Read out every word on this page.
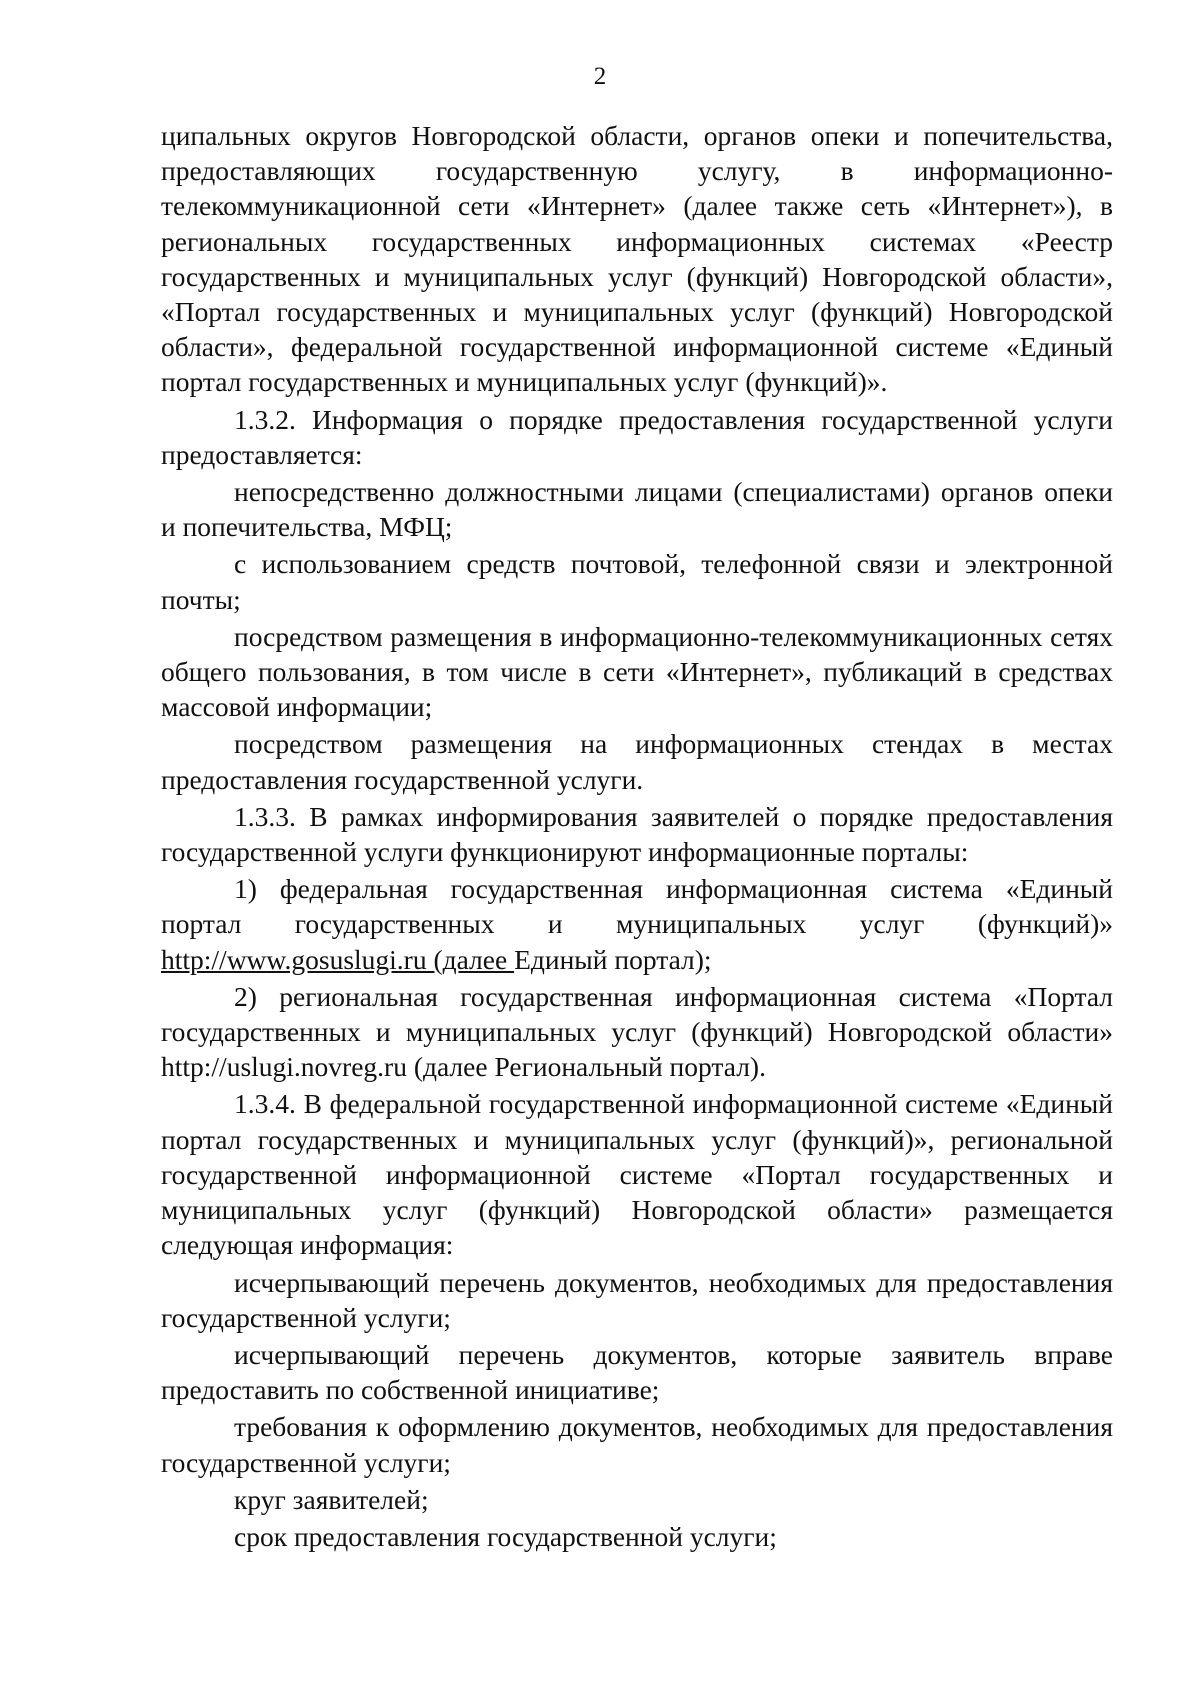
2

ципальных округов Новгородской области, органов опеки и попечительства, предоставляющих государственную услугу, в информационно-телекоммуникационной сети «Интернет» (далее также сеть «Интернет»), в региональных государственных информационных системах «Реестр государственных и муниципальных услуг (функций) Новгородской области», «Портал государственных и муниципальных услуг (функций) Новгородской области», федеральной государственной информационной системе «Единый портал государственных и муниципальных услуг (функций)».

1.3.2. Информация о порядке предоставления государственной услуги предоставляется:

непосредственно должностными лицами (специалистами) органов опеки и попечительства, МФЦ;

с использованием средств почтовой, телефонной связи и электронной почты;

посредством размещения в информационно-телекоммуникационных сетях общего пользования, в том числе в сети «Интернет», публикаций в средствах массовой информации;

посредством размещения на информационных стендах в местах предоставления государственной услуги.

1.3.3. В рамках информирования заявителей о порядке предоставления государственной услуги функционируют информационные порталы:

1) федеральная государственная информационная система «Единый портал государственных и муниципальных услуг (функций)» http://www.gosuslugi.ru (далее Единый портал);

2) региональная государственная информационная система «Портал государственных и муниципальных услуг (функций) Новгородской области» http://uslugi.novreg.ru (далее Региональный портал).

1.3.4. В федеральной государственной информационной системе «Единый портал государственных и муниципальных услуг (функций)», региональной государственной информационной системе «Портал государственных и муниципальных услуг (функций) Новгородской области» размещается следующая информация:

исчерпывающий перечень документов, необходимых для предоставления государственной услуги;

исчерпывающий перечень документов, которые заявитель вправе предоставить по собственной инициативе;

требования к оформлению документов, необходимых для предоставления государственной услуги;

круг заявителей;

срок предоставления государственной услуги;
